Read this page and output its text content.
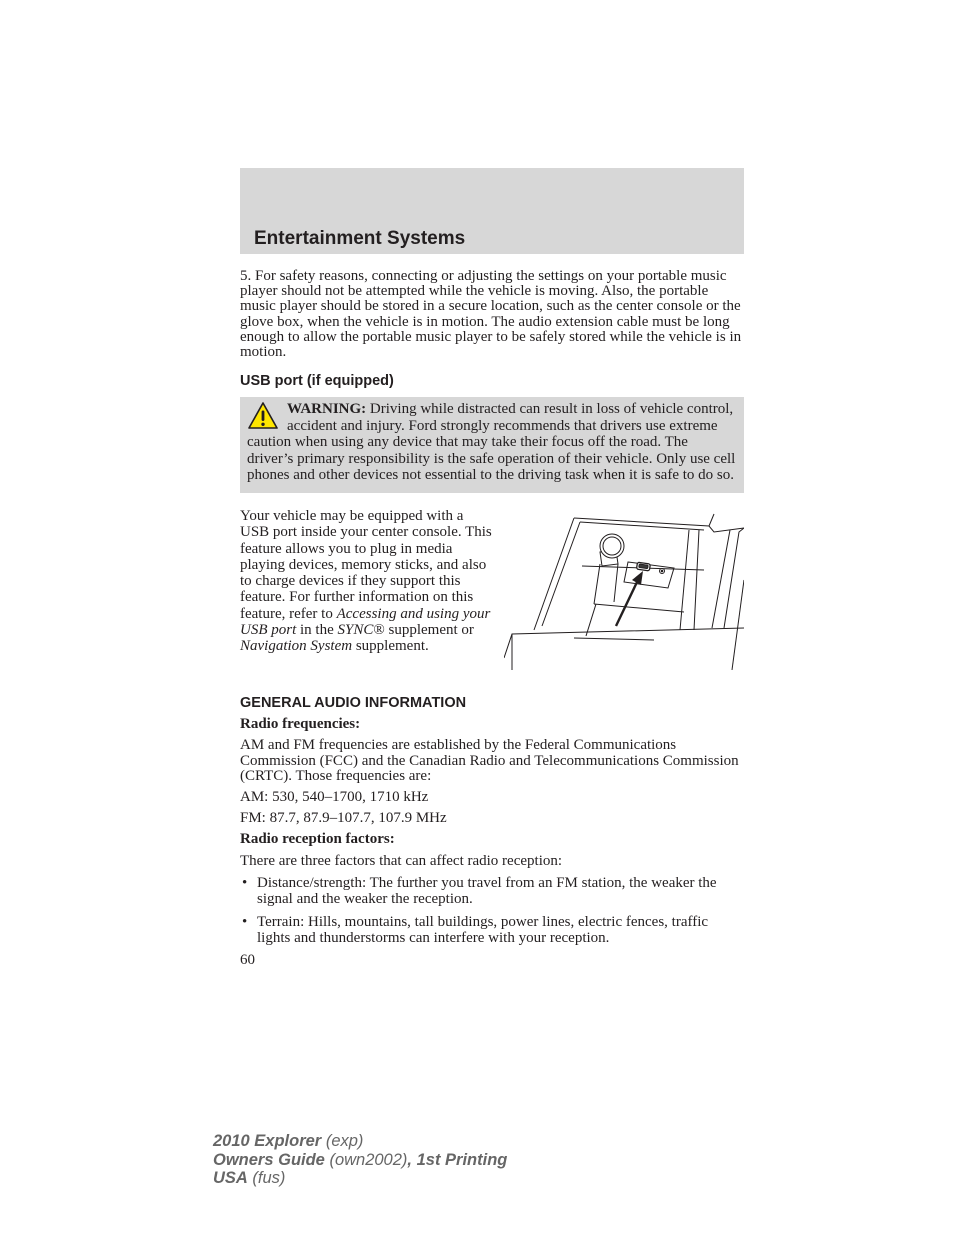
Entertainment Systems

5. For safety reasons, connecting or adjusting the settings on your portable music player should not be attempted while the vehicle is moving. Also, the portable music player should be stored in a secure location, such as the center console or the glove box, when the vehicle is in motion. The audio extension cable must be long enough to allow the portable music player to be safely stored while the vehicle is in motion.

USB port (if equipped)

WARNING: Driving while distracted can result in loss of vehicle control, accident and injury. Ford strongly recommends that drivers use extreme caution when using any device that may take their focus off the road. The driver’s primary responsibility is the safe operation of their vehicle. Only use cell phones and other devices not essential to the driving task when it is safe to do so.

Your vehicle may be equipped with a USB port inside your center console. This feature allows you to plug in media playing devices, memory sticks, and also to charge devices if they support this feature. For further information on this feature, refer to Accessing and using your USB port in the SYNC® supplement or Navigation System supplement.

GENERAL AUDIO INFORMATION

Radio frequencies:

AM and FM frequencies are established by the Federal Communications Commission (FCC) and the Canadian Radio and Telecommunications Commission (CRTC). Those frequencies are:

AM: 530, 540–1700, 1710 kHz

FM: 87.7, 87.9–107.7, 107.9 MHz

Radio reception factors:

There are three factors that can affect radio reception:

• Distance/strength: The further you travel from an FM station, the weaker the signal and the weaker the reception.
• Terrain: Hills, mountains, tall buildings, power lines, electric fences, traffic lights and thunderstorms can interfere with your reception.

60

2010 Explorer (exp)
Owners Guide (own2002), 1st Printing
USA (fus)
